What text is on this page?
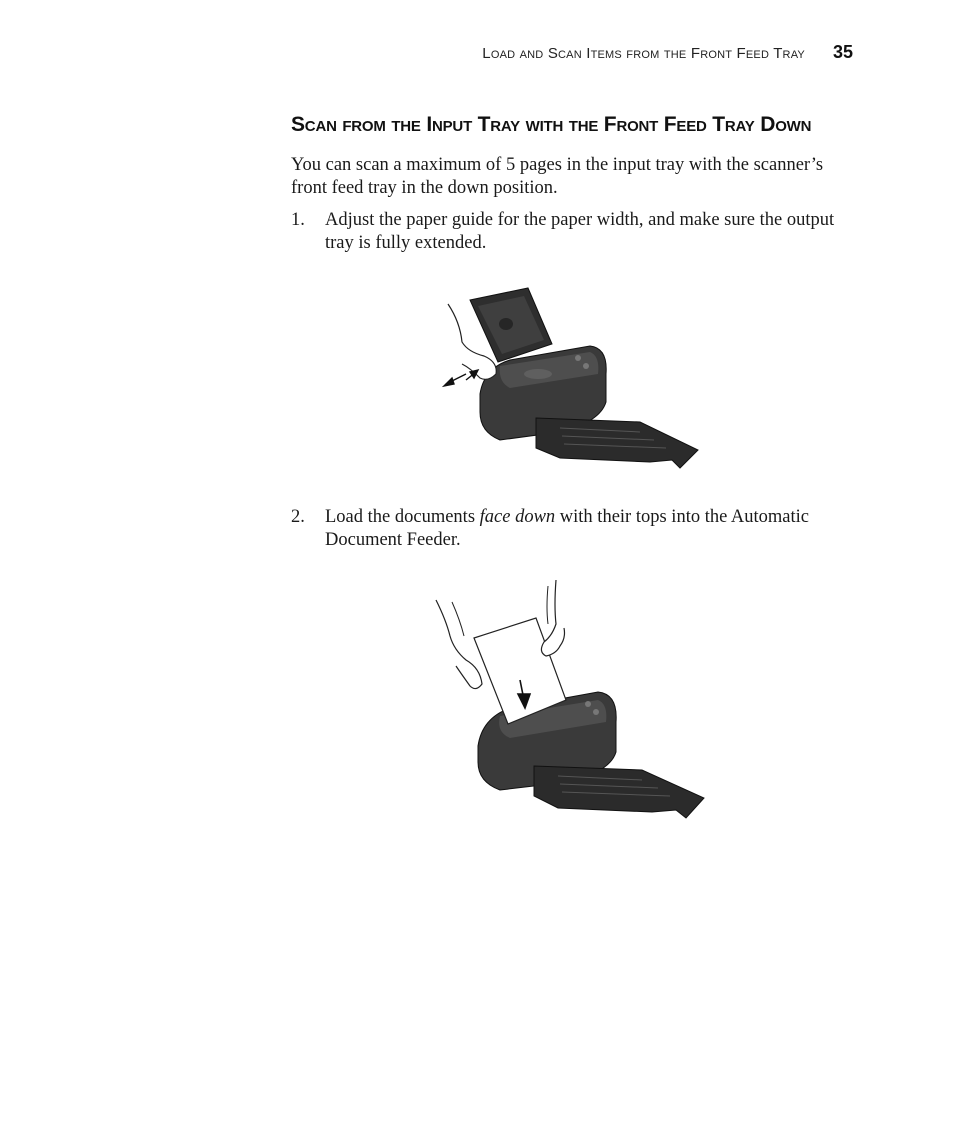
Load and Scan Items from the Front Feed Tray 35
Scan from the Input Tray with the Front Feed Tray Down

You can scan a maximum of 5 pages in the input tray with the scanner’s front feed tray in the down position.

1.	Adjust the paper guide for the paper width, and make sure the output tray is fully extended.
2.	Load the documents face down with their tops into the Automatic Document Feeder.
